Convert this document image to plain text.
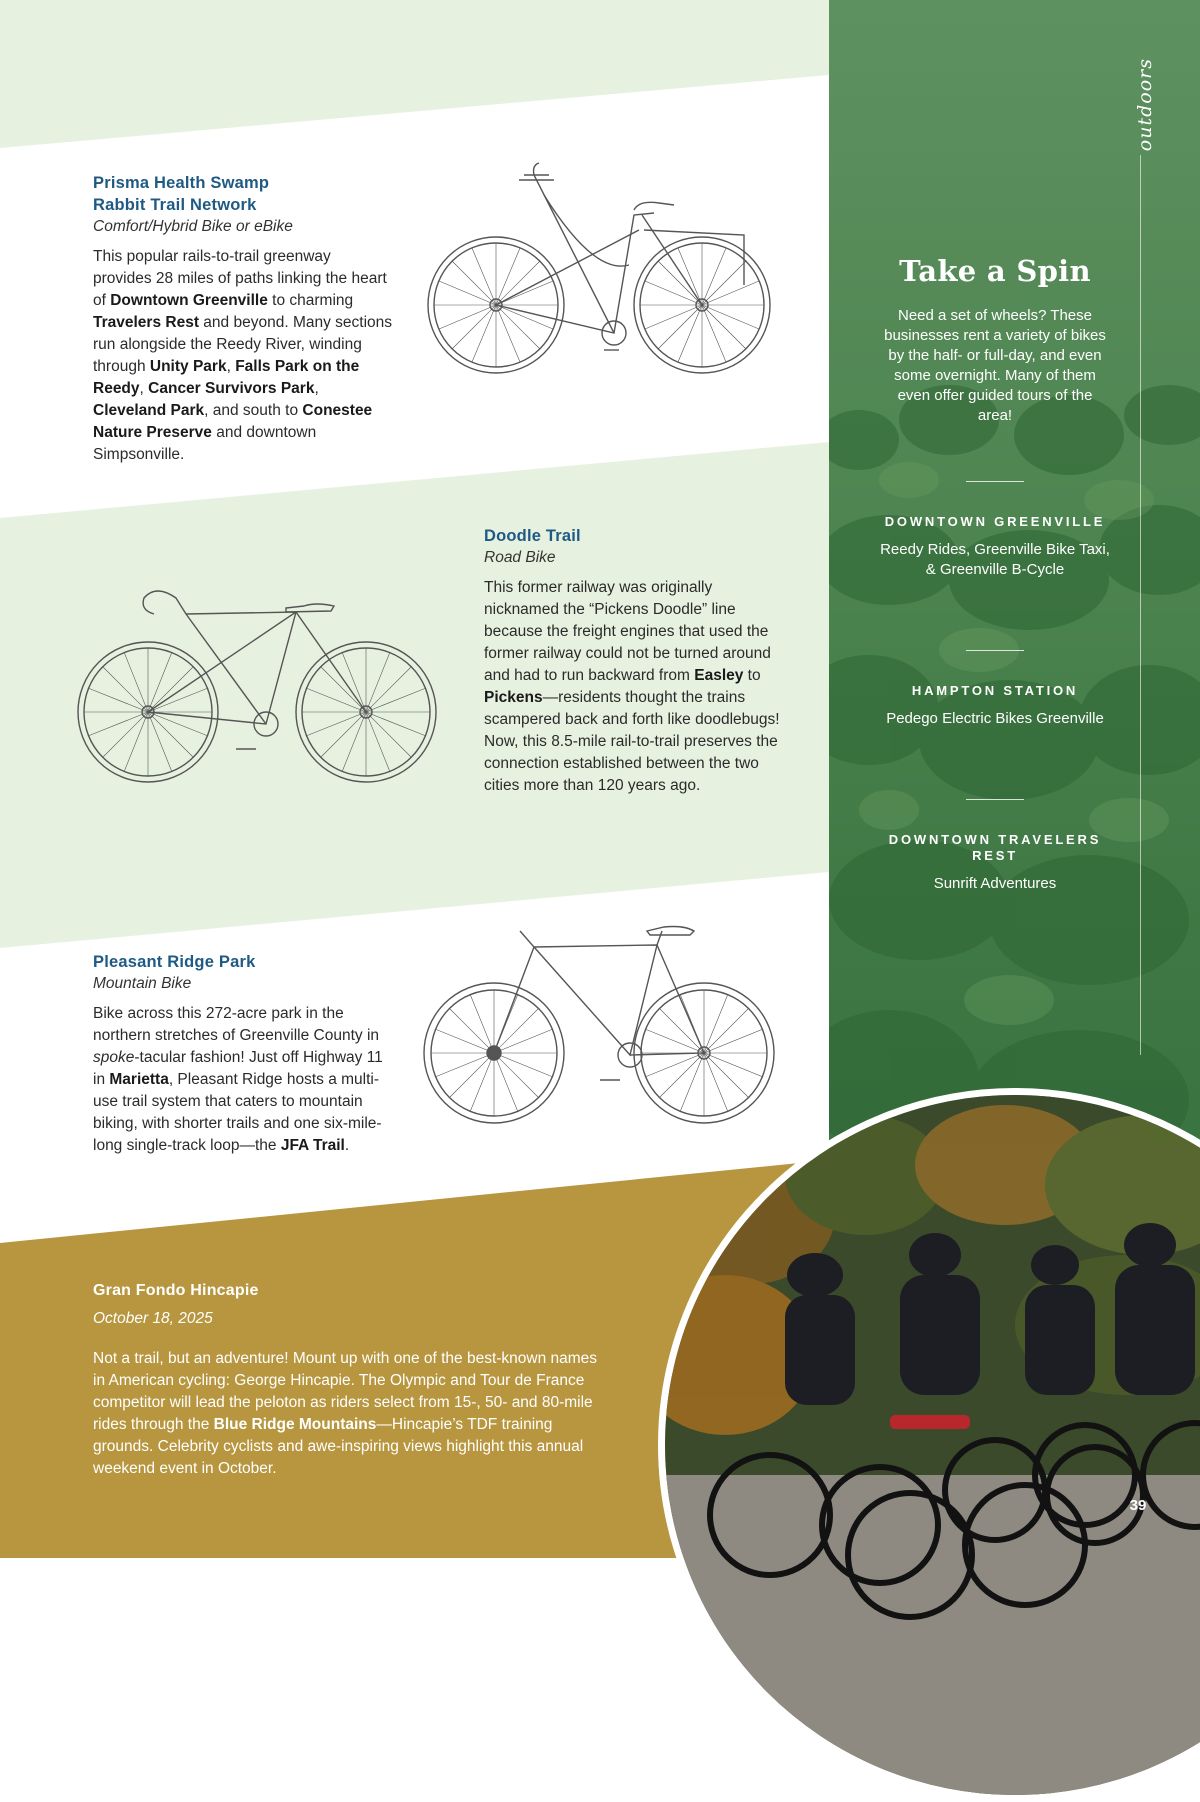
outdoors
Take a Spin
Need a set of wheels? These businesses rent a variety of bikes by the half- or full-day, and even some overnight. Many of them even offer guided tours of the area!
DOWNTOWN GREENVILLE
Reedy Rides, Greenville Bike Taxi, & Greenville B-Cycle
HAMPTON STATION
Pedego Electric Bikes Greenville
DOWNTOWN TRAVELERS REST
Sunrift Adventures
Prisma Health Swamp Rabbit Trail Network
Comfort/Hybrid Bike or eBike

This popular rails-to-trail greenway provides 28 miles of paths linking the heart of Downtown Greenville to charming Travelers Rest and beyond. Many sections run alongside the Reedy River, winding through Unity Park, Falls Park on the Reedy, Cancer Survivors Park, Cleveland Park, and south to Conestee Nature Preserve and downtown Simpsonville.

Doodle Trail
Road Bike

This former railway was originally nicknamed the “Pickens Doodle” line because the freight engines that used the former railway could not be turned around and had to run backward from Easley to Pickens—residents thought the trains scampered back and forth like doodlebugs! Now, this 8.5-mile rail-to-trail preserves the connection established between the two cities more than 120 years ago.

Pleasant Ridge Park
Mountain Bike

Bike across this 272-acre park in the northern stretches of Greenville County in spoke-tacular fashion! Just off Highway 11 in Marietta, Pleasant Ridge hosts a multi-use trail system that caters to mountain biking, with shorter trails and one six-mile-long single-track loop—the JFA Trail.

Gran Fondo Hincapie
October 18, 2025

Not a trail, but an adventure! Mount up with one of the best-known names in American cycling: George Hincapie. The Olympic and Tour de France competitor will lead the peloton as riders select from 15-, 50- and 80-mile rides through the Blue Ridge Mountains—Hincapie’s TDF training grounds. Celebrity cyclists and awe-inspiring views highlight this annual weekend event in October.

39
